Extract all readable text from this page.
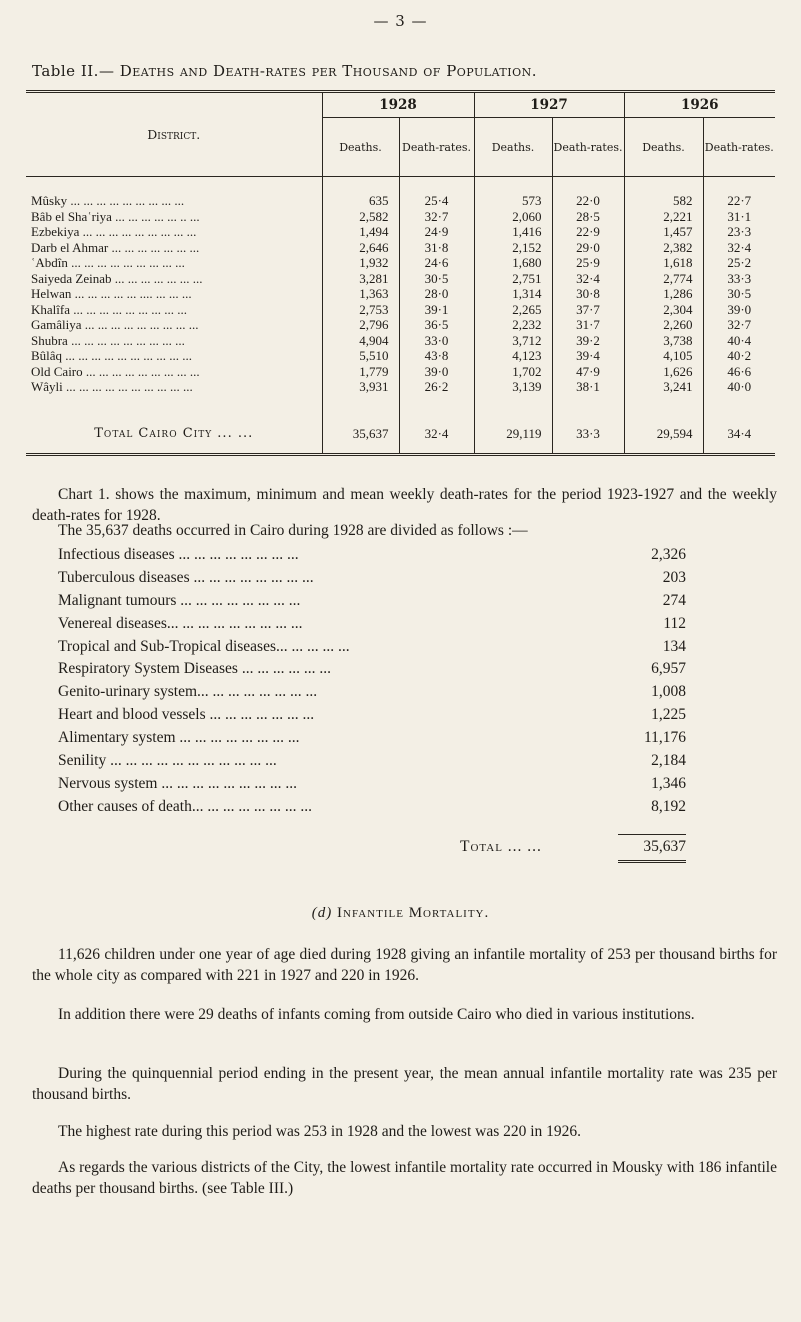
— 3 —
Table II.— Deaths and Death-rates per Thousand of Population.
District.	1928		1927		1926	
	Deaths.	Death-rates.	Deaths.	Death-rates.	Deaths.	Death-rates.

Mûsky ... ... ... ... ... ... ... ... ...	635	25·4	573	22·0	582	22·7
Bâb el Shaʿriya ... ... ... ... ... .. ...	2,582	32·7	2,060	28·5	2,221	31·1
Ezbekiya ... ... ... ... ... ... ... ... ...	1,494	24·9	1,416	22·9	1,457	23·3
Darb el Ahmar ... ... ... ... ... ... ...	2,646	31·8	2,152	29·0	2,382	32·4
ʿAbdîn ... ... ... ... ... ... ... ... ...	1,932	24·6	1,680	25·9	1,618	25·2
Saiyeda Zeinab ... ... ... ... ... ... ...	3,281	30·5	2,751	32·4	2,774	33·3
Helwan ... ... ... ... ... .... ... ... ...	1,363	28·0	1,314	30·8	1,286	30·5
Khalîfa ... ... ... ... ... ... ... ... ...	2,753	39·1	2,265	37·7	2,304	39·0
Gamâliya ... ... ... ... ... ... ... ... ...	2,796	36·5	2,232	31·7	2,260	32·7
Shubra ... ... ... ... ... ... ... ... ...	4,904	33·0	3,712	39·2	3,738	40·4
Bûlâq ... ... ... ... ... ... ... ... ... ...	5,510	43·8	4,123	39·4	4,105	40·2
Old Cairo ... ... ... ... ... ... ... ... ...	1,779	39·0	1,702	47·9	1,626	46·6
Wâyli ... ... ... ... ... ... ... ... ... ...	3,931	26·2	3,139	38·1	3,241	40·0

Total Cairo City ... ...	35,637	32·4	29,119	33·3	29,594	34·4

Chart 1. shows the maximum, minimum and mean weekly death-rates for the period 1923-1927 and the weekly death-rates for 1928.
The 35,637 deaths occurred in Cairo during 1928 are divided as follows :—
Infectious diseases ... ... ... ... ... ... ... ...	2,326
Tuberculous diseases ... ... ... ... ... ... ... ...	203
Malignant tumours ... ... ... ... ... ... ... ...	274
Venereal diseases... ... ... ... ... ... ... ... ...	112
Tropical and Sub-Tropical diseases... ... ... ... ...	134
Respiratory System Diseases ... ... ... ... ... ...	6,957
Genito-urinary system... ... ... ... ... ... ... ...	1,008
Heart and blood vessels ... ... ... ... ... ... ...	1,225
Alimentary system ... ... ... ... ... ... ... ...	11,176
Senility ... ... ... ... ... ... ... ... ... ... ...	2,184
Nervous system ... ... ... ... ... ... ... ... ...	1,346
Other causes of death... ... ... ... ... ... ... ...	8,192
Total ... ...	35,637
(d) Infantile Mortality.
11,626 children under one year of age died during 1928 giving an infantile mortality of 253 per thousand births for the whole city as compared with 221 in 1927 and 220 in 1926.
In addition there were 29 deaths of infants coming from outside Cairo who died in various institutions.
During the quinquennial period ending in the present year, the mean annual infantile mortality rate was 235 per thousand births.
The highest rate during this period was 253 in 1928 and the lowest was 220 in 1926.
As regards the various districts of the City, the lowest infantile mortality rate occurred in Mousky with 186 infantile deaths per thousand births. (see Table III.)
